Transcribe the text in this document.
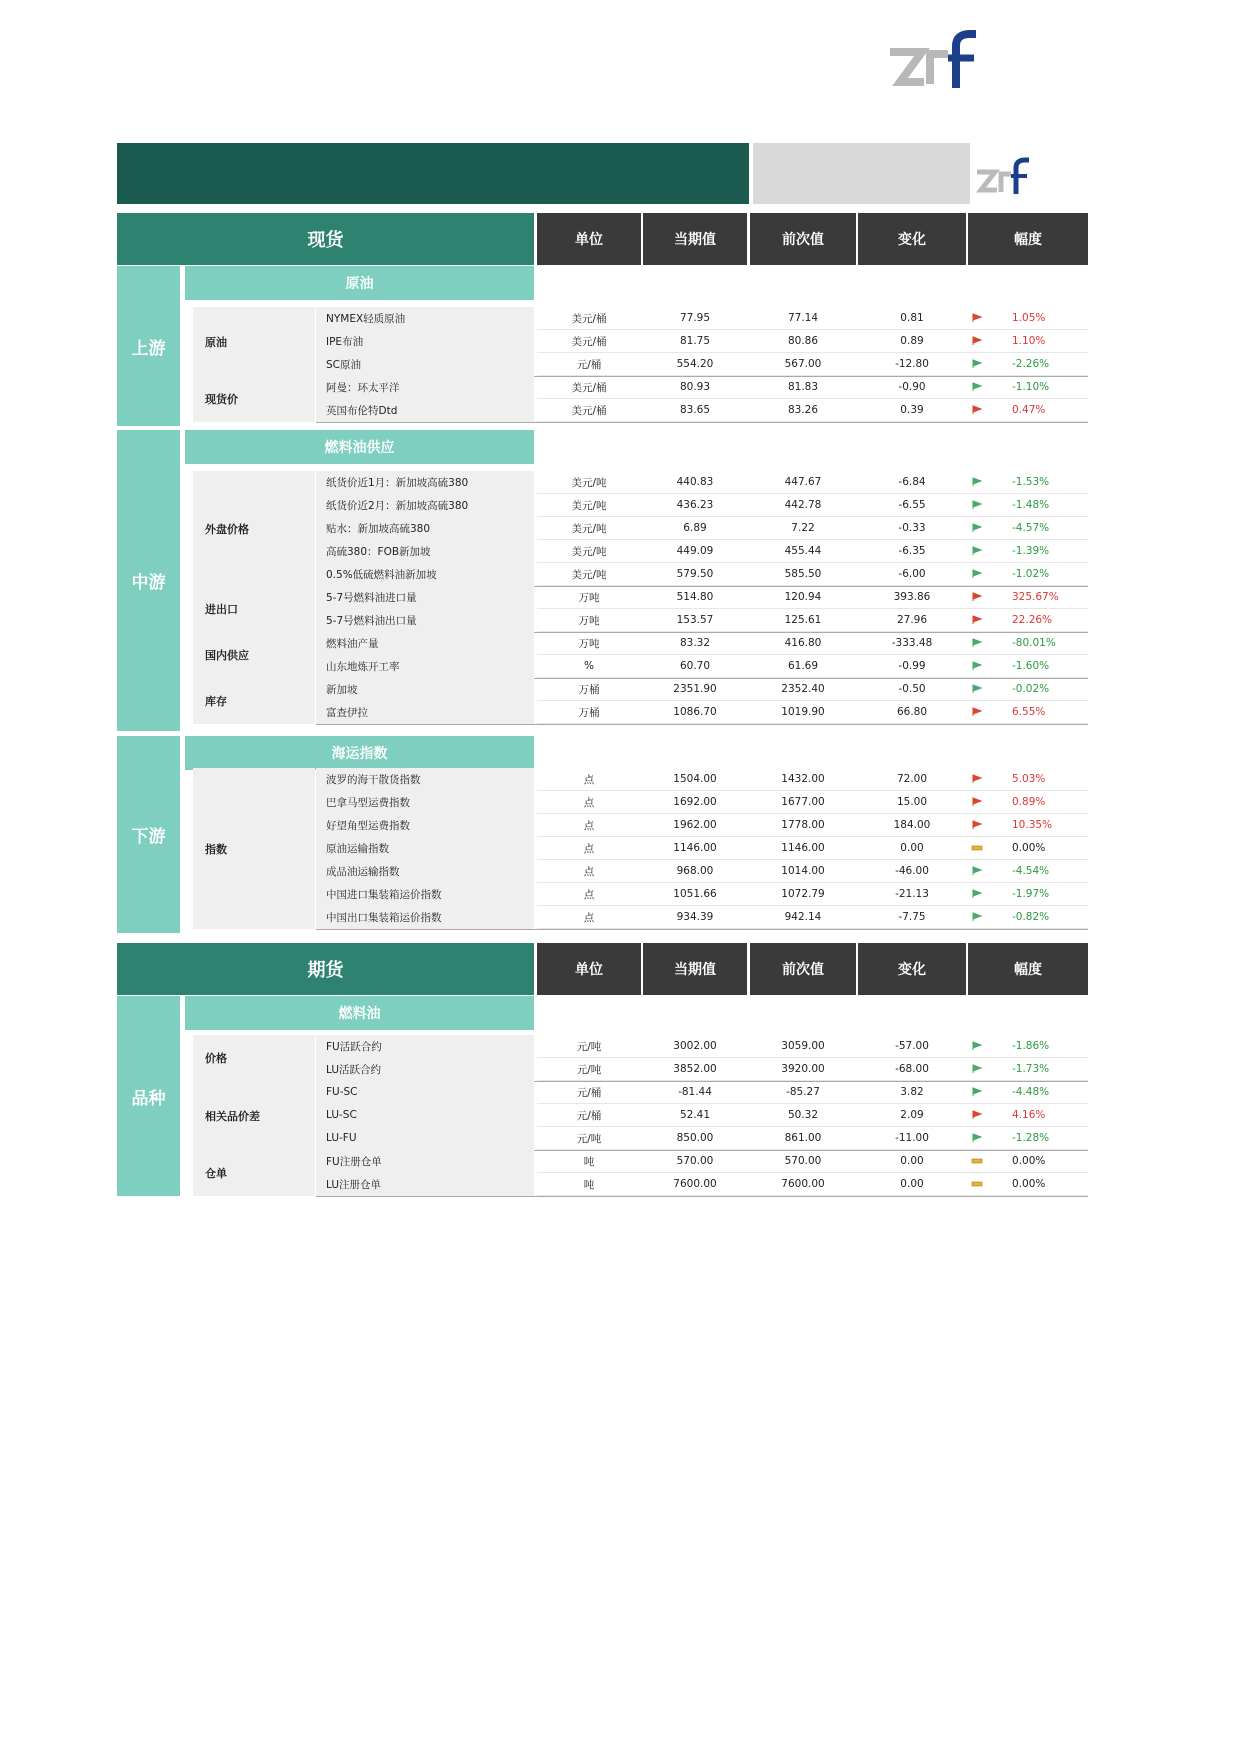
现货	单位	当期值	前次值	变化	幅度
上游
原油
原油
NYMEX轻质原油	美元/桶	77.95	77.14	0.81	1.05%
IPE布油	美元/桶	81.75	80.86	0.89	1.10%
SC原油	元/桶	554.20	567.00	-12.80	-2.26%
现货价
阿曼：环太平洋	美元/桶	80.93	81.83	-0.90	-1.10%
英国布伦特Dtd	美元/桶	83.65	83.26	0.39	0.47%
中游
燃料油供应
外盘价格
纸货价近1月：新加坡高硫380	美元/吨	440.83	447.67	-6.84	-1.53%
纸货价近2月：新加坡高硫380	美元/吨	436.23	442.78	-6.55	-1.48%
贴水：新加坡高硫380	美元/吨	6.89	7.22	-0.33	-4.57%
高硫380：FOB新加坡	美元/吨	449.09	455.44	-6.35	-1.39%
0.5%低硫燃料油新加坡	美元/吨	579.50	585.50	-6.00	-1.02%
进出口
5-7号燃料油进口量	万吨	514.80	120.94	393.86	325.67%
5-7号燃料油出口量	万吨	153.57	125.61	27.96	22.26%
国内供应
燃料油产量	万吨	83.32	416.80	-333.48	-80.01%
山东地炼开工率	%	60.70	61.69	-0.99	-1.60%
库存
新加坡	万桶	2351.90	2352.40	-0.50	-0.02%
富查伊拉	万桶	1086.70	1019.90	66.80	6.55%
下游
海运指数
指数
波罗的海干散货指数	点	1504.00	1432.00	72.00	5.03%
巴拿马型运费指数	点	1692.00	1677.00	15.00	0.89%
好望角型运费指数	点	1962.00	1778.00	184.00	10.35%
原油运输指数	点	1146.00	1146.00	0.00	0.00%
成品油运输指数	点	968.00	1014.00	-46.00	-4.54%
中国进口集装箱运价指数	点	1051.66	1072.79	-21.13	-1.97%
中国出口集装箱运价指数	点	934.39	942.14	-7.75	-0.82%
期货	单位	当期值	前次值	变化	幅度
品种
燃料油
价格
FU活跃合约	元/吨	3002.00	3059.00	-57.00	-1.86%
LU活跃合约	元/吨	3852.00	3920.00	-68.00	-1.73%
相关品价差
FU-SC	元/桶	-81.44	-85.27	3.82	-4.48%
LU-SC	元/桶	52.41	50.32	2.09	4.16%
LU-FU	元/吨	850.00	861.00	-11.00	-1.28%
仓单
FU注册仓单	吨	570.00	570.00	0.00	0.00%
LU注册仓单	吨	7600.00	7600.00	0.00	0.00%
